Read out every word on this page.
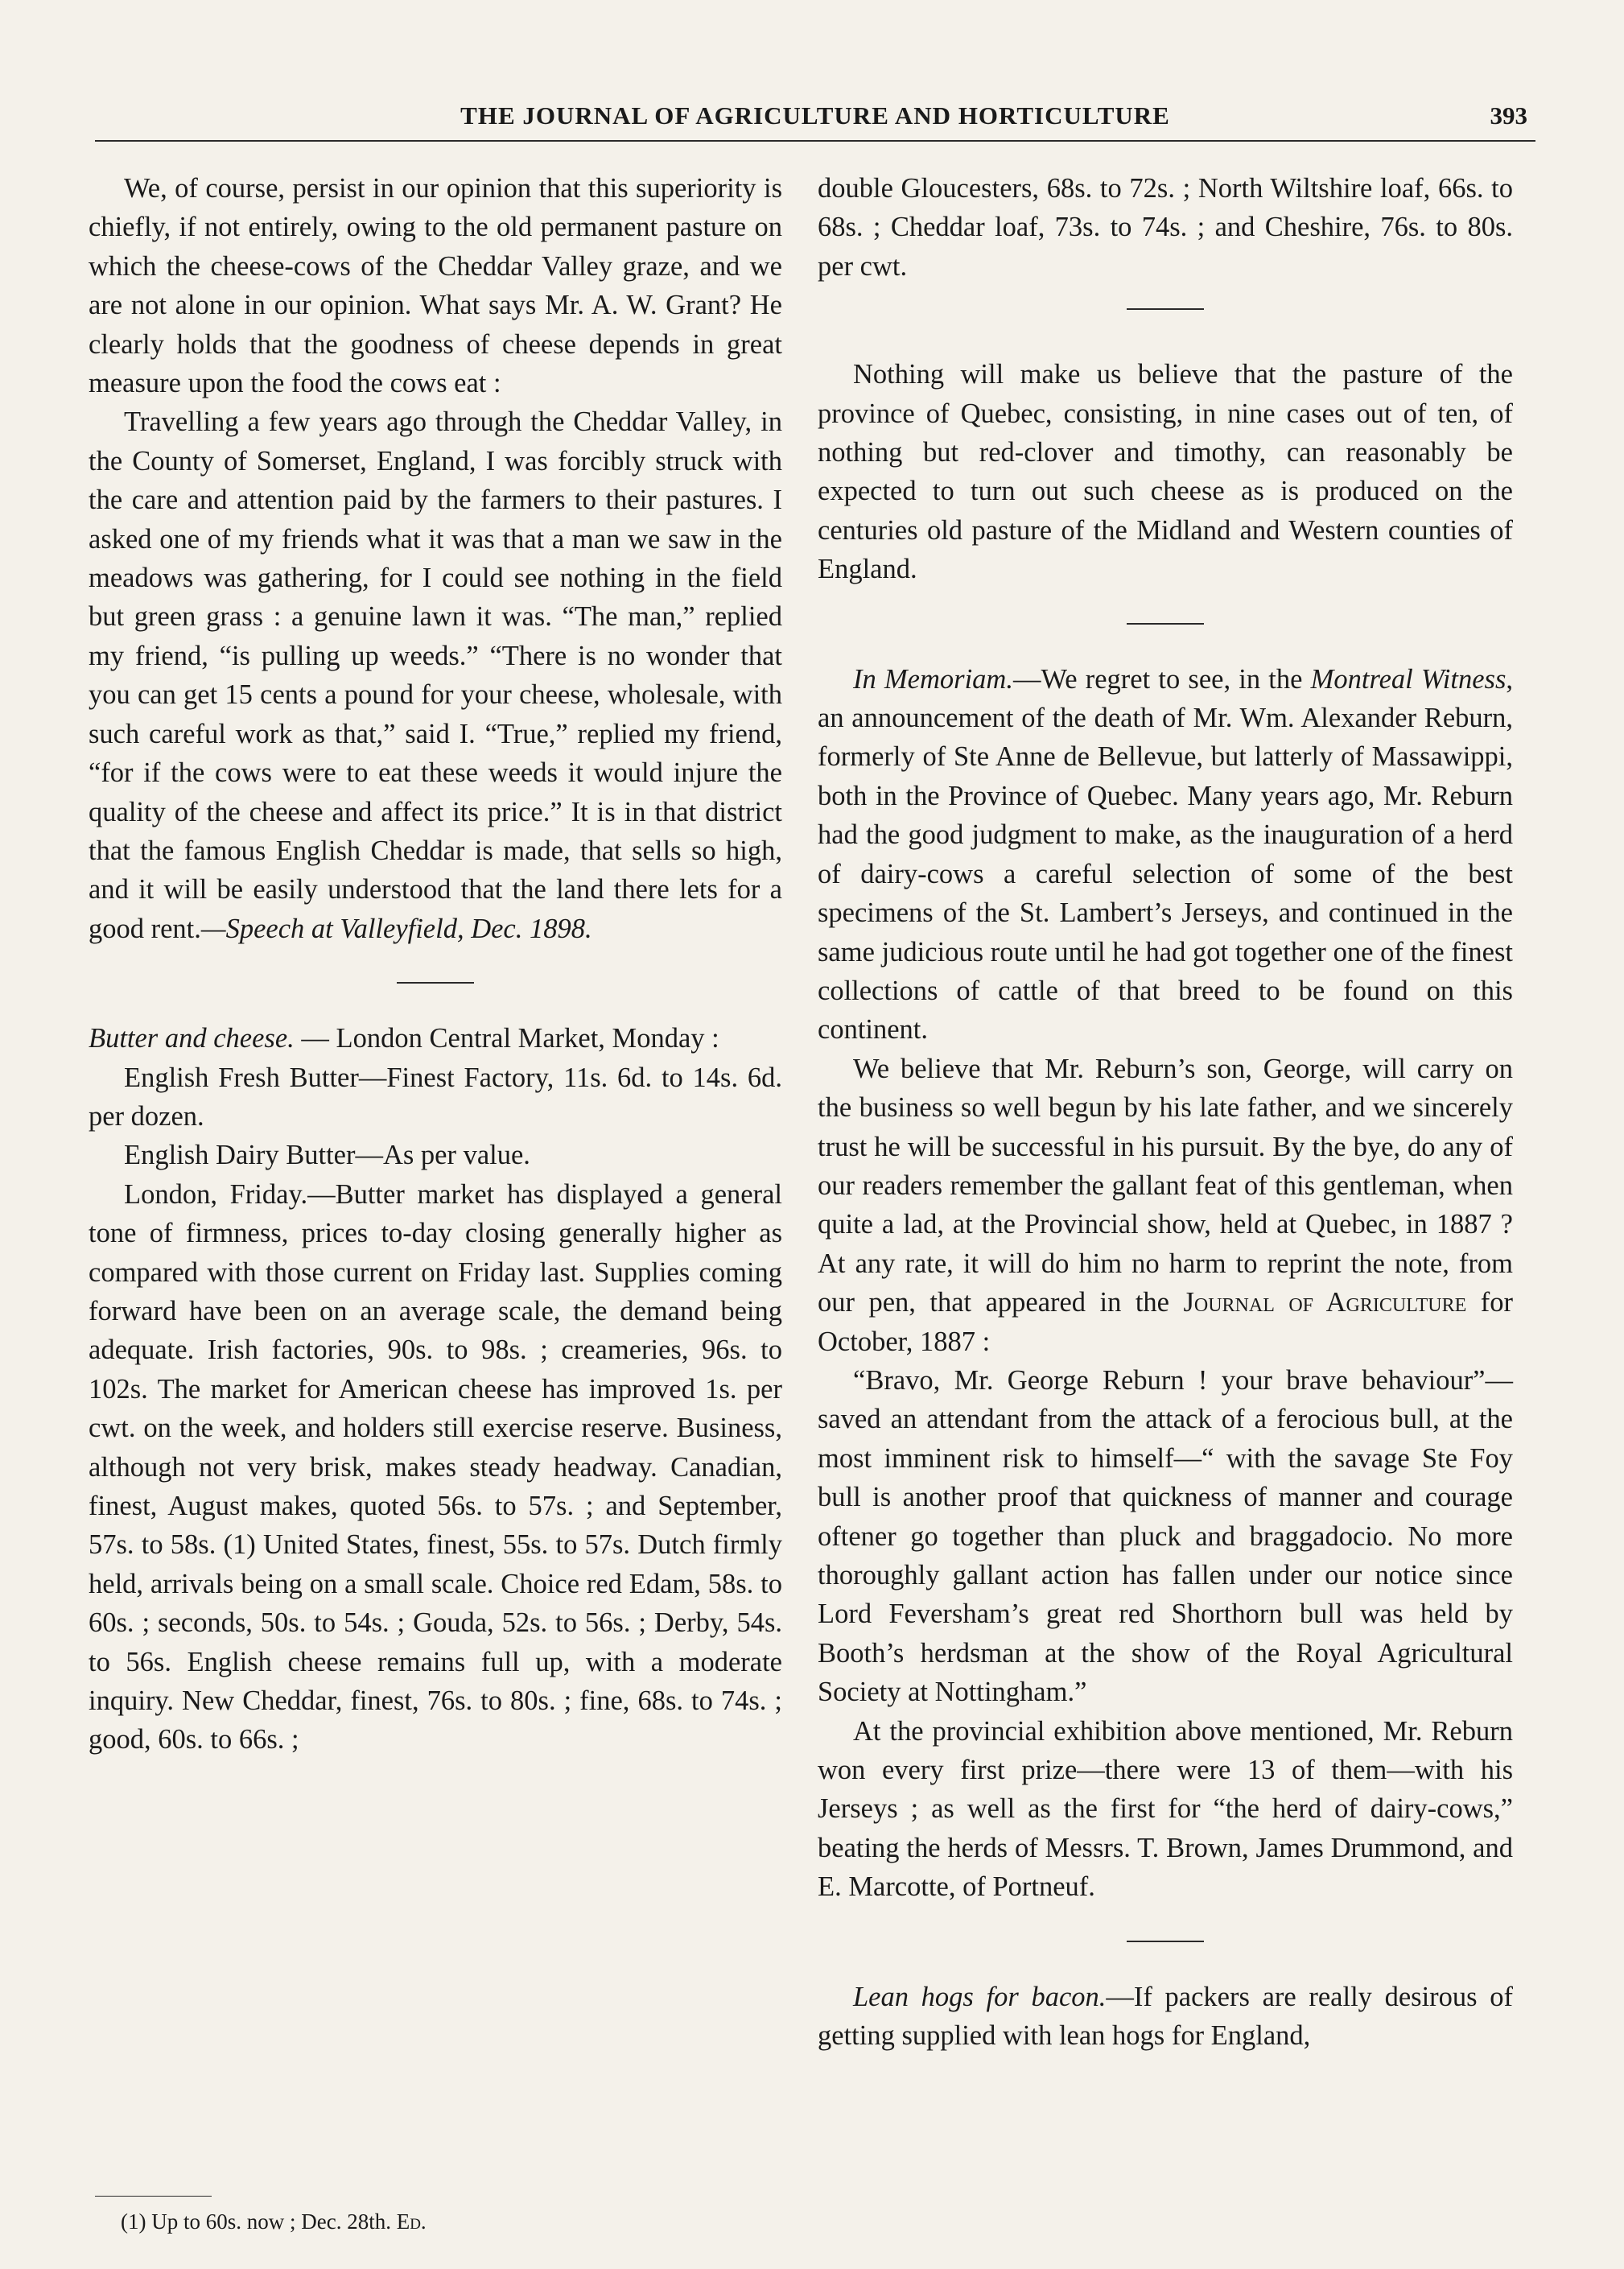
THE JOURNAL OF AGRICULTURE AND HORTICULTURE	393

We, of course, persist in our opinion that this superiority is chiefly, if not entirely, owing to the old permanent pasture on which the cheese-cows of the Cheddar Valley graze, and we are not alone in our opinion. What says Mr. A. W. Grant? He clearly holds that the goodness of cheese depends in great measure upon the food the cows eat :

Travelling a few years ago through the Cheddar Valley, in the County of Somerset, England, I was forcibly struck with the care and attention paid by the farmers to their pastures. I asked one of my friends what it was that a man we saw in the meadows was gathering, for I could see nothing in the field but green grass : a genuine lawn it was. “The man,” replied my friend, “is pulling up weeds.” “There is no wonder that you can get 15 cents a pound for your cheese, wholesale, with such careful work as that,” said I. “True,” replied my friend, “for if the cows were to eat these weeds it would injure the quality of the cheese and affect its price.” It is in that district that the famous English Cheddar is made, that sells so high, and it will be easily understood that the land there lets for a good rent.—Speech at Valleyfield, Dec. 1898.

Butter and cheese. — London Central Market, Monday :

English Fresh Butter—Finest Factory, 11s. 6d. to 14s. 6d. per dozen.

English Dairy Butter—As per value.

London, Friday.—Butter market has displayed a general tone of firmness, prices to-day closing generally higher as compared with those current on Friday last. Supplies coming forward have been on an average scale, the demand being adequate. Irish factories, 90s. to 98s. ; creameries, 96s. to 102s. The market for American cheese has improved 1s. per cwt. on the week, and holders still exercise reserve. Business, although not very brisk, makes steady headway. Canadian, finest, August makes, quoted 56s. to 57s. ; and September, 57s. to 58s. (1) United States, finest, 55s. to 57s. Dutch firmly held, arrivals being on a small scale. Choice red Edam, 58s. to 60s. ; seconds, 50s. to 54s. ; Gouda, 52s. to 56s. ; Derby, 54s. to 56s. English cheese remains full up, with a moderate inquiry. New Cheddar, finest, 76s. to 80s. ; fine, 68s. to 74s. ; good, 60s. to 66s. ;

double Gloucesters, 68s. to 72s. ; North Wiltshire loaf, 66s. to 68s. ; Cheddar loaf, 73s. to 74s. ; and Cheshire, 76s. to 80s. per cwt.

Nothing will make us believe that the pasture of the province of Quebec, consisting, in nine cases out of ten, of nothing but red-clover and timothy, can reasonably be expected to turn out such cheese as is produced on the centuries old pasture of the Midland and Western counties of England.

In Memoriam.—We regret to see, in the Montreal Witness, an announcement of the death of Mr. Wm. Alexander Reburn, formerly of Ste Anne de Bellevue, but latterly of Massawippi, both in the Province of Quebec. Many years ago, Mr. Reburn had the good judgment to make, as the inauguration of a herd of dairy-cows a careful selection of some of the best specimens of the St. Lambert’s Jerseys, and continued in the same judicious route until he had got together one of the finest collections of cattle of that breed to be found on this continent.

We believe that Mr. Reburn’s son, George, will carry on the business so well begun by his late father, and we sincerely trust he will be successful in his pursuit. By the bye, do any of our readers remember the gallant feat of this gentleman, when quite a lad, at the Provincial show, held at Quebec, in 1887 ? At any rate, it will do him no harm to reprint the note, from our pen, that appeared in the Journal of Agriculture for October, 1887 :

“Bravo, Mr. George Reburn ! your brave behaviour”—saved an attendant from the attack of a ferocious bull, at the most imminent risk to himself—“ with the savage Ste Foy bull is another proof that quickness of manner and courage oftener go together than pluck and braggadocio. No more thoroughly gallant action has fallen under our notice since Lord Feversham’s great red Shorthorn bull was held by Booth’s herdsman at the show of the Royal Agricultural Society at Nottingham.”

At the provincial exhibition above mentioned, Mr. Reburn won every first prize—there were 13 of them—with his Jerseys ; as well as the first for “the herd of dairy-cows,” beating the herds of Messrs. T. Brown, James Drummond, and E. Marcotte, of Portneuf.

Lean hogs for bacon.—If packers are really desirous of getting supplied with lean hogs for England,

(1) Up to 60s. now ; Dec. 28th. Ed.
